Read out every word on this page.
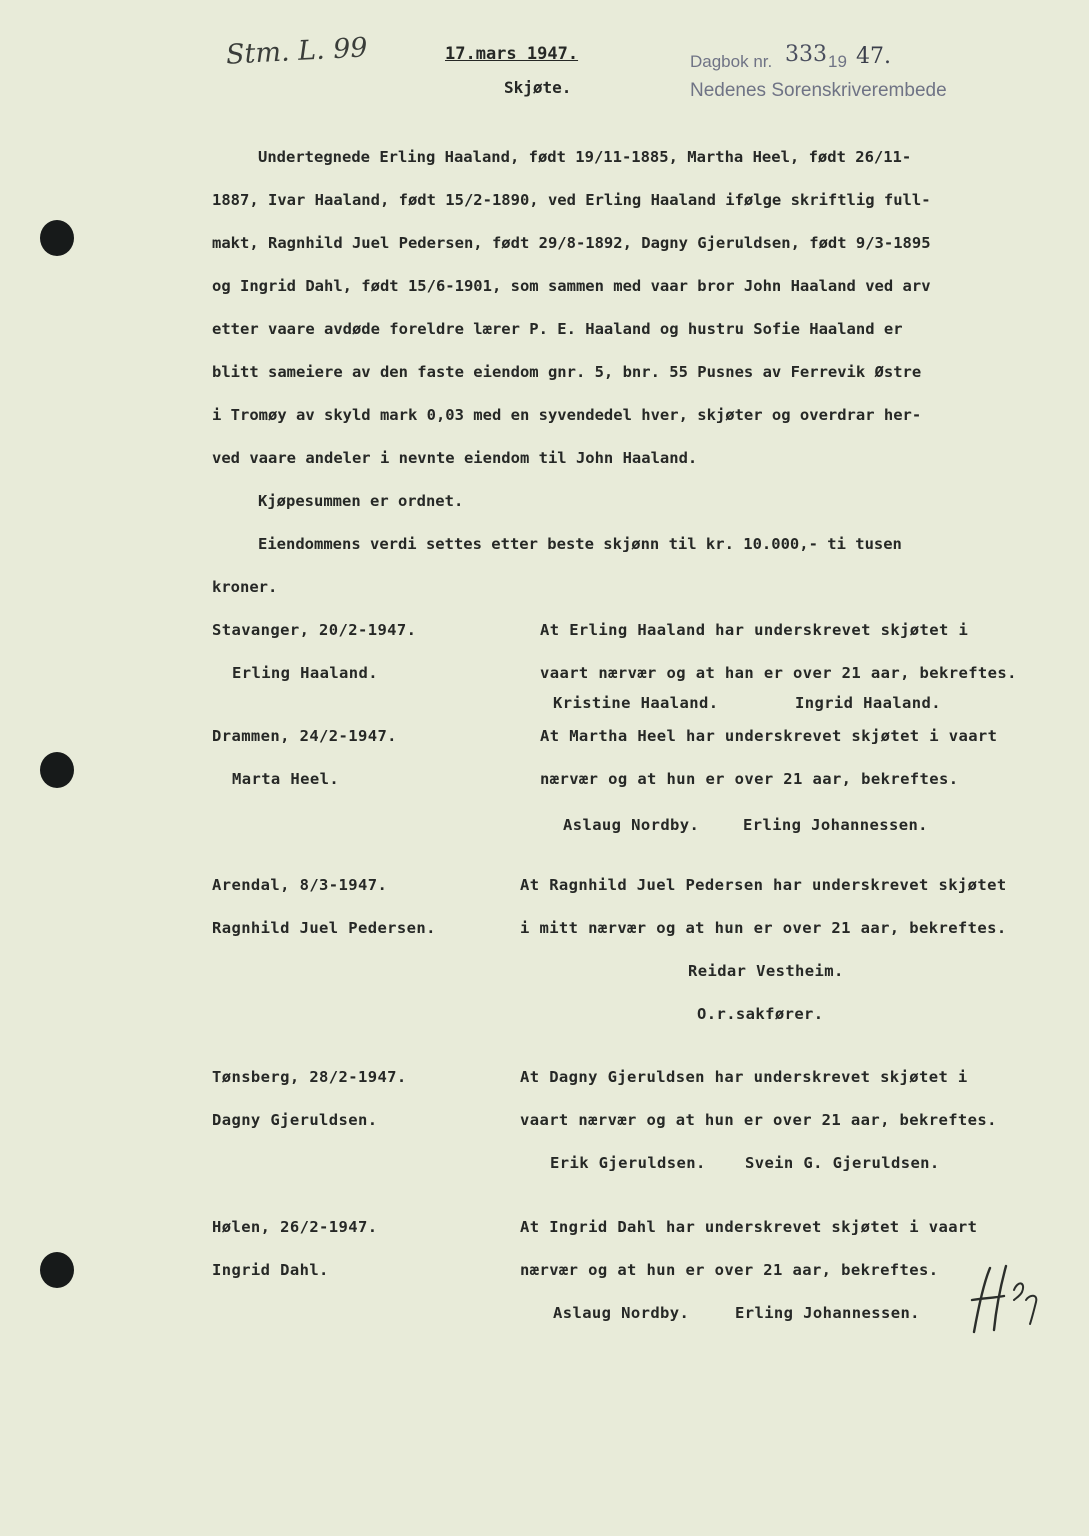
Stm. L. 99	17.mars 1947.
Skjøte.
Dagbok nr. 333 19 47.
Nedenes Sorenskriverembede
Undertegnede Erling Haaland, født 19/11-1885, Martha Heel, født 26/11-
1887, Ivar Haaland, født 15/2-1890, ved Erling Haaland ifølge skriftlig full-
makt, Ragnhild Juel Pedersen, født 29/8-1892, Dagny Gjeruldsen, født 9/3-1895
og Ingrid Dahl, født 15/6-1901, som sammen med vaar bror John Haaland ved arv
etter vaare avdøde foreldre lærer P. E. Haaland og hustru Sofie Haaland er
blitt sameiere av den faste eiendom gnr. 5, bnr. 55 Pusnes av Ferrevik Østre
i Tromøy av skyld mark 0,03 med en syvendedel hver, skjøter og overdrar her-
ved vaare andeler i nevnte eiendom til John Haaland.
Kjøpesummen er ordnet.
Eiendommens verdi settes etter beste skjønn til kr. 10.000,- ti tusen
kroner.
Stavanger, 20/2-1947.	At Erling Haaland har underskrevet skjøtet i
Erling Haaland.	vaart nærvær og at han er over 21 aar, bekreftes.
Kristine Haaland.	Ingrid Haaland.
Drammen, 24/2-1947.	At Martha Heel har underskrevet skjøtet i vaart
Marta Heel.	nærvær og at hun er over 21 aar, bekreftes.
Aslaug Nordby.	Erling Johannessen.
Arendal, 8/3-1947.	At Ragnhild Juel Pedersen har underskrevet skjøtet
Ragnhild Juel Pedersen.	i mitt nærvær og at hun er over 21 aar, bekreftes.
Reidar Vestheim.
O.r.sakfører.
Tønsberg, 28/2-1947.	At Dagny Gjeruldsen har underskrevet skjøtet i
Dagny Gjeruldsen.	vaart nærvær og at hun er over 21 aar, bekreftes.
Erik Gjeruldsen.	Svein G. Gjeruldsen.
Hølen, 26/2-1947.	At Ingrid Dahl har underskrevet skjøtet i vaart
Ingrid Dahl.	nærvær og at hun er over 21 aar, bekreftes.
Aslaug Nordby.	Erling Johannessen.
